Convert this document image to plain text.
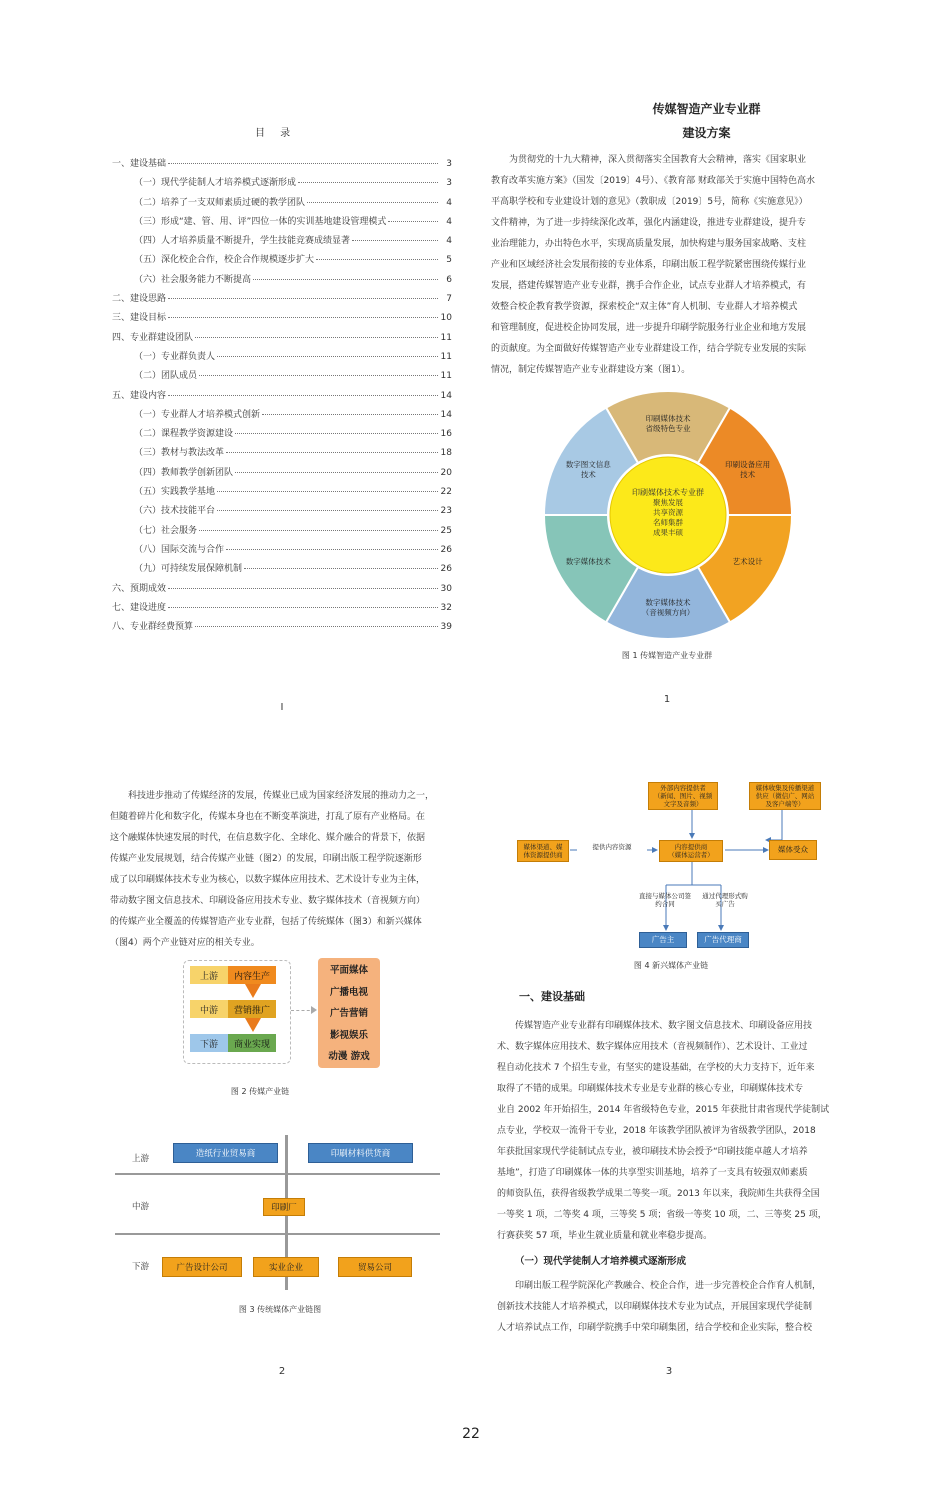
目 录
一、建设基础	3
（一）现代学徒制人才培养模式逐渐形成	3
（二）培养了一支双师素质过硬的教学团队	4
（三）形成“建、管、用、评”四位一体的实训基地建设管理模式	4
（四）人才培养质量不断提升，学生技能竞赛成绩显著	4
（五）深化校企合作，校企合作规模逐步扩大	5
（六）社会服务能力不断提高	6
二、建设思路	7
三、建设目标	10
四、专业群建设团队	11
（一）专业群负责人	11
（二）团队成员	11
五、建设内容	14
（一）专业群人才培养模式创新	14
（二）课程教学资源建设	16
（三）教材与教法改革	18
（四）教师教学创新团队	20
（五）实践教学基地	22
（六）技术技能平台	23
（七）社会服务	25
（八）国际交流与合作	26
（九）可持续发展保障机制	26
六、预期成效	30
七、建设进度	32
八、专业群经费预算	39
I
传媒智造产业专业群
建设方案
为贯彻党的十九大精神，深入贯彻落实全国教育大会精神，落实《国家职业
教育改革实施方案》（国发〔2019〕4号）、《教育部 财政部关于实施中国特色高水
平高职学校和专业建设计划的意见》（教职成〔2019〕5号，简称《实施意见》）
文件精神，为了进一步持续深化改革，强化内涵建设，推进专业群建设，提升专
业治理能力，办出特色水平，实现高质量发展，加快构建与服务国家战略、支柱
产业和区域经济社会发展衔接的专业体系，印刷出版工程学院紧密围绕传媒行业
发展，搭建传媒智造产业专业群，携手合作企业，试点专业群人才培养模式，有
效整合校企教育教学资源，探索校企“双主体”育人机制、专业群人才培养模式
和管理制度，促进校企协同发展，进一步提升印刷学院服务行业企业和地方发展
的贡献度。为全面做好传媒智造产业专业群建设工作，结合学院专业发展的实际
情况，制定传媒智造产业专业群建设方案（图1）。
印刷媒体技术
省级特色专业
印刷设备应用
技术
艺术设计
数字媒体技术
（音视频方向）
数字媒体技术
数字图文信息
技术
印刷媒体技术专业群
聚焦发展
共享资源
名师集群
成果丰硕
图 1 传媒智造产业专业群
1
科技进步推动了传媒经济的发展，传媒业已成为国家经济发展的推动力之一，
但随着碎片化和数字化，传媒本身也在不断变革演进，打乱了原有产业格局。在
这个融媒体快速发展的时代，在信息数字化、全球化、媒介融合的背景下，依据
传媒产业发展规划，结合传媒产业链（图2）的发展，印刷出版工程学院逐渐形
成了以印刷媒体技术专业为核心，以数字媒体应用技术、艺术设计专业为主体，
带动数字图文信息技术、印刷设备应用技术专业、数字媒体技术（音视频方向）
的传媒产业全覆盖的传媒智造产业专业群，包括了传统媒体（图3）和新兴媒体
（图4）两个产业链对应的相关专业。
上游	内容生产
中游	营销推广
下游	商业实现
平面媒体
广播电视
广告营销
影视娱乐
动漫 游戏
图 2 传媒产业链
上游
中游
下游
造纸行业贸易商	印刷材料供货商
印刷厂
广告设计公司	实业企业	贸易公司
图 3 传统媒体产业链图
2
外部内容提供者
（新闻、图片、视频
文字及音频）
媒体收集及传播渠道
供应（微信广、网站
及客户端等）
媒体渠道、媒
体资源提供商
提供内容资源	内容提供商
（媒体运营者）
媒体受众
直接与媒体公司签
约合同
通过代理形式购
买广告
广告主	广告代理商
图 4 新兴媒体产业链
一、建设基础
传媒智造产业专业群有印刷媒体技术、数字图文信息技术、印刷设备应用技
术、数字媒体应用技术、数字媒体应用技术（音视频制作）、艺术设计、工业过
程自动化技术 7 个招生专业，有坚实的建设基础，在学校的大力支持下，近年来
取得了不错的成果。印刷媒体技术专业是专业群的核心专业，印刷媒体技术专
业自 2002 年开始招生，2014 年省级特色专业，2015 年获批甘肃省现代学徒制试
点专业，学校双一流骨干专业，2018 年该教学团队被评为省级教学团队，2018
年获批国家现代学徒制试点专业，被印刷技术协会授予“印刷技能卓越人才培养
基地”，打造了印刷媒体一体的共享型实训基地，培养了一支具有较强双师素质
的师资队伍，获得省级教学成果二等奖一项。2013 年以来，我院师生共获得全国
一等奖 1 项，二等奖 4 项，三等奖 5 项；省级一等奖 10 项，二、三等奖 25 项，
行赛获奖 57 项，毕业生就业质量和就业率稳步提高。
（一）现代学徒制人才培养模式逐渐形成
印刷出版工程学院深化产教融合、校企合作，进一步完善校企合作育人机制，
创新技术技能人才培养模式，以印刷媒体技术专业为试点，开展国家现代学徒制
人才培养试点工作，印刷学院携手中荣印刷集团，结合学校和企业实际，整合校
3
22
